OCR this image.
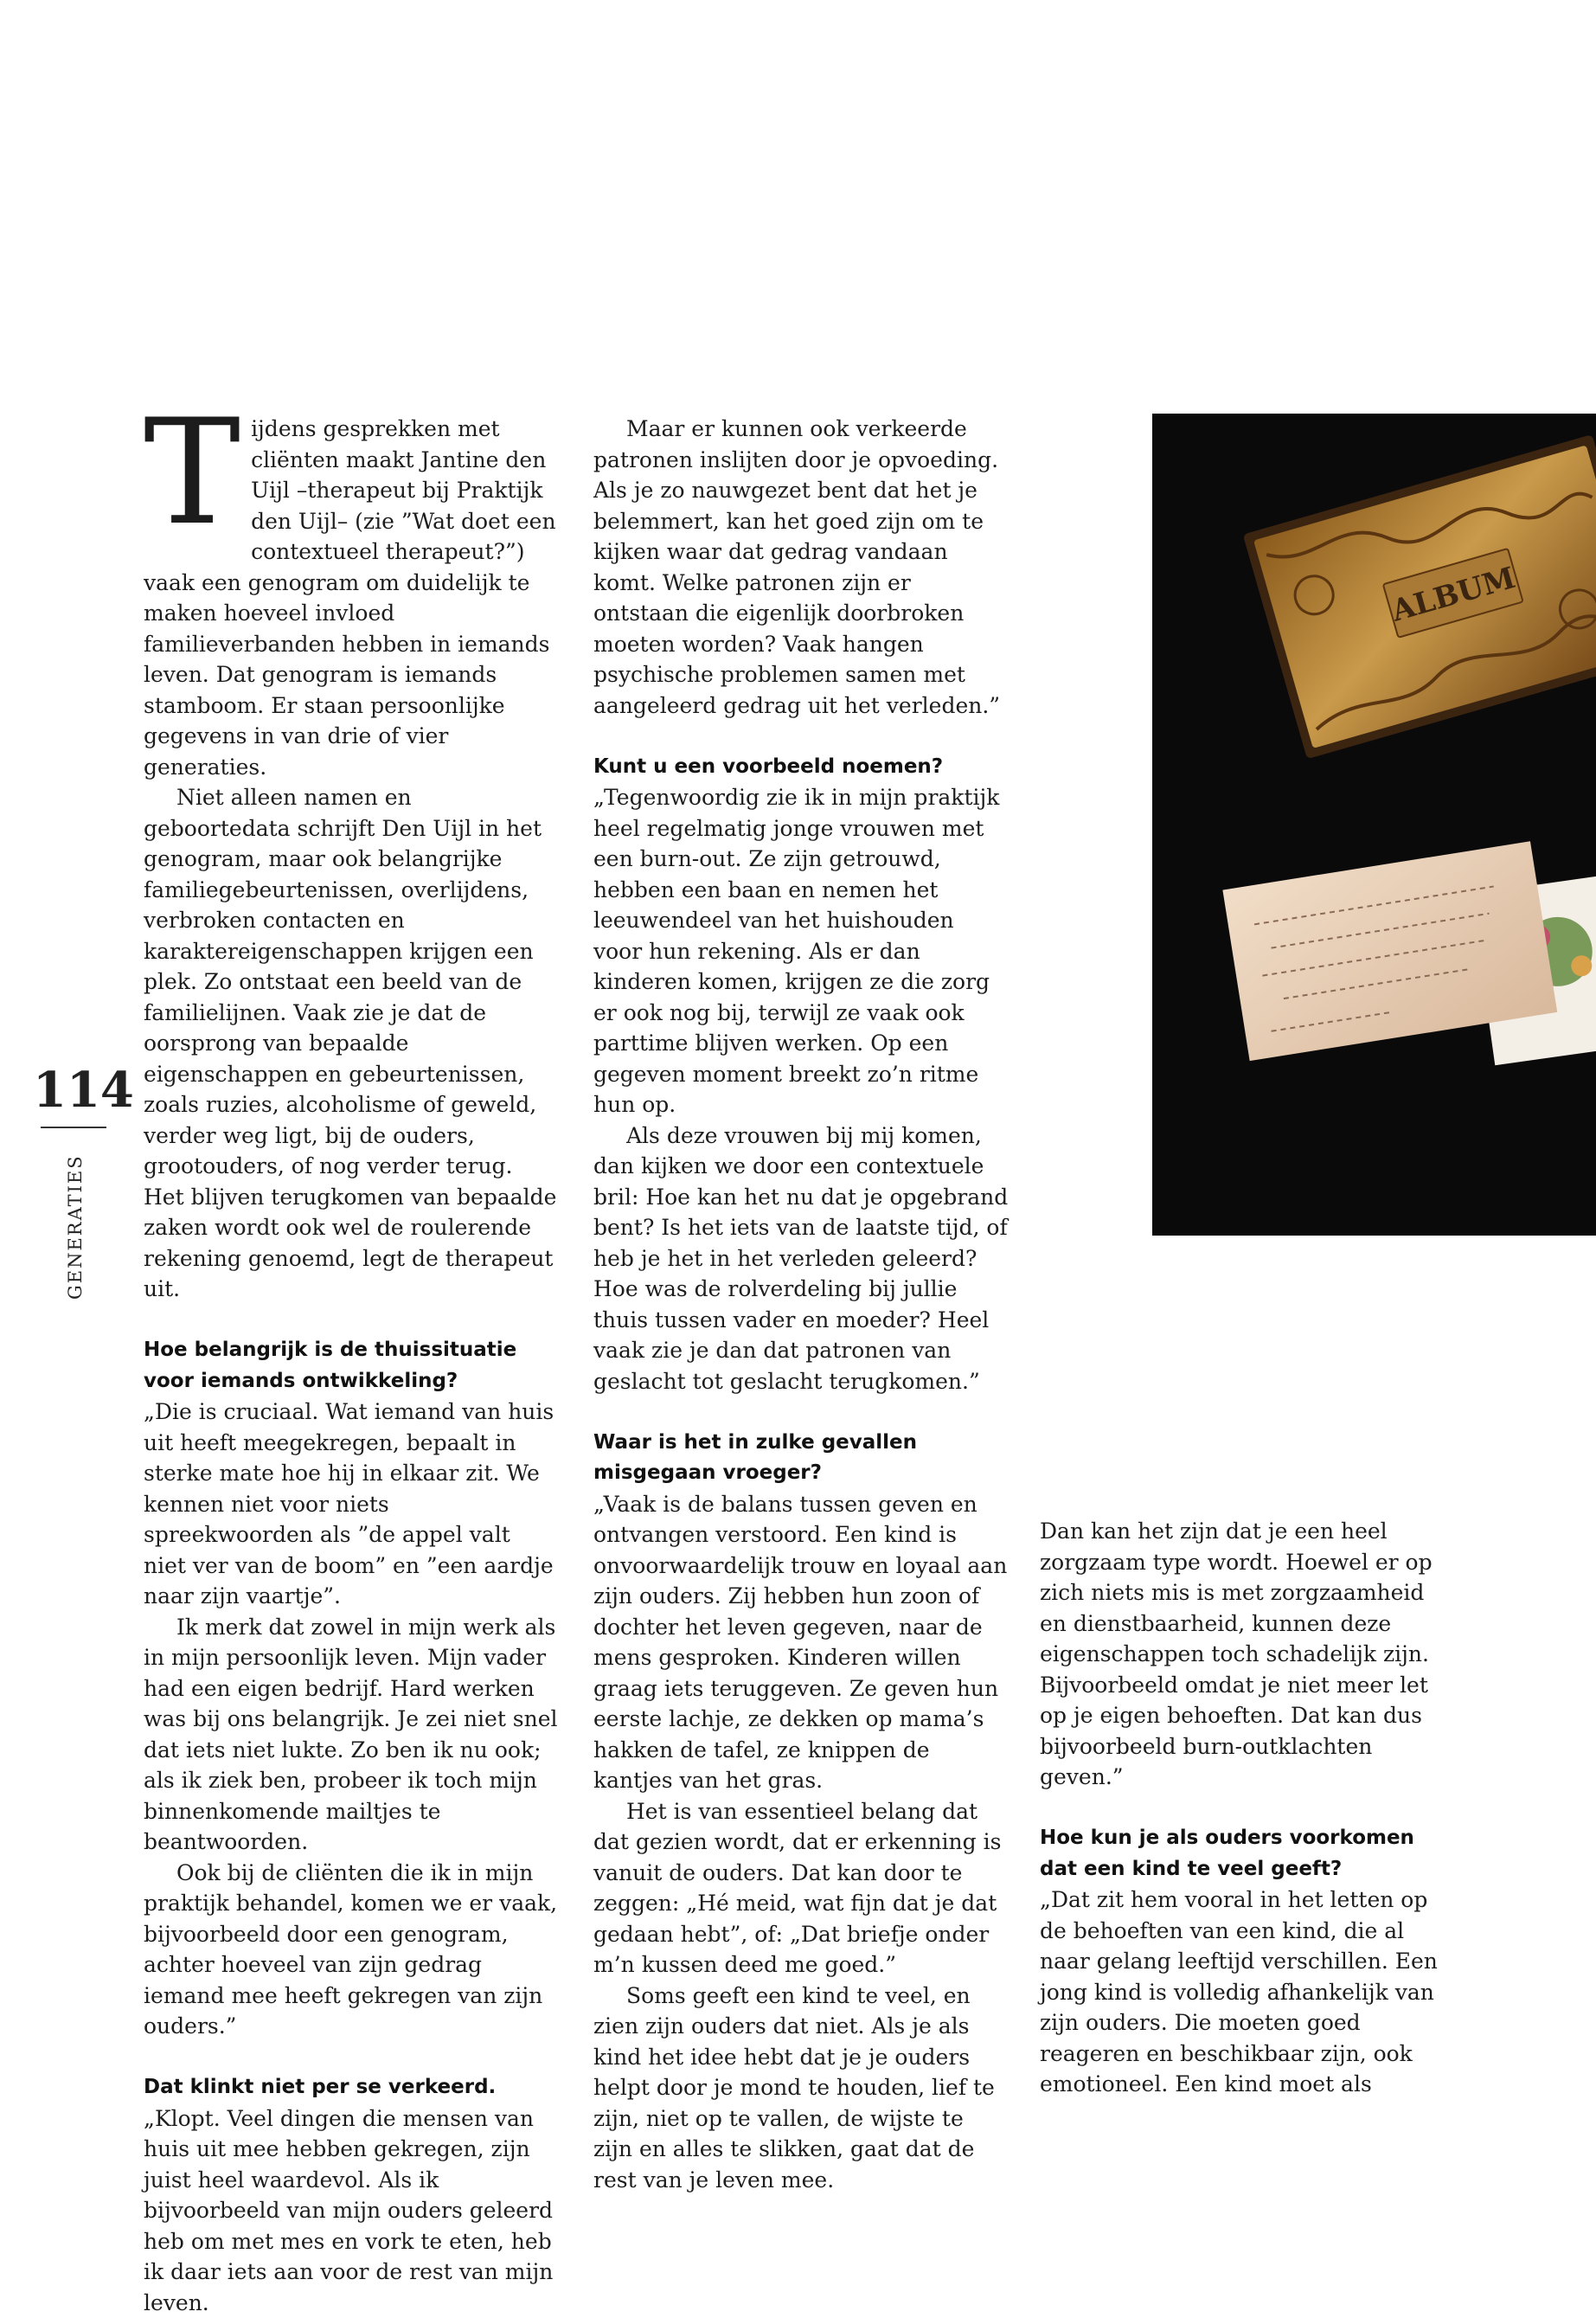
114
GENERATIES

Tijdens gesprekken met cliënten maakt Jantine den Uijl –therapeut bij Praktijk den Uijl– (zie ”Wat doet een contextueel therapeut?”) vaak een genogram om duidelijk te maken hoeveel invloed familieverbanden hebben in iemands leven. Dat genogram is iemands stamboom. Er staan persoonlijke gegevens in van drie of vier generaties.

Niet alleen namen en geboortedata schrijft Den Uijl in het genogram, maar ook belangrijke familiegebeurtenissen, overlijdens, verbroken contacten en karaktereigenschappen krijgen een plek. Zo ontstaat een beeld van de familielijnen. Vaak zie je dat de oorsprong van bepaalde eigenschappen en gebeurtenissen, zoals ruzies, alcoholisme of geweld, verder weg ligt, bij de ouders, grootouders, of nog verder terug. Het blijven terugkomen van bepaalde zaken wordt ook wel de roulerende rekening genoemd, legt de therapeut uit.

Hoe belangrijk is de thuissituatie voor iemands ontwikkeling?

„Die is cruciaal. Wat iemand van huis uit heeft meegekregen, bepaalt in sterke mate hoe hij in elkaar zit. We kennen niet voor niets spreekwoorden als ”de appel valt niet ver van de boom” en ”een aardje naar zijn vaartje”.

Ik merk dat zowel in mijn werk als in mijn persoonlijk leven. Mijn vader had een eigen bedrijf. Hard werken was bij ons belangrijk. Je zei niet snel dat iets niet lukte. Zo ben ik nu ook; als ik ziek ben, probeer ik toch mijn binnenkomende mailtjes te beantwoorden.

Ook bij de cliënten die ik in mijn praktijk behandel, komen we er vaak, bijvoorbeeld door een genogram, achter hoeveel van zijn gedrag iemand mee heeft gekregen van zijn ouders.”

Dat klinkt niet per se verkeerd.

„Klopt. Veel dingen die mensen van huis uit mee hebben gekregen, zijn juist heel waardevol. Als ik bijvoorbeeld van mijn ouders geleerd heb om met mes en vork te eten, heb ik daar iets aan voor de rest van mijn leven.

Maar er kunnen ook verkeerde patronen inslijten door je opvoeding. Als je zo nauwgezet bent dat het je belemmert, kan het goed zijn om te kijken waar dat gedrag vandaan komt. Welke patronen zijn er ontstaan die eigenlijk doorbroken moeten worden? Vaak hangen psychische problemen samen met aangeleerd gedrag uit het verleden.”

Kunt u een voorbeeld noemen?

„Tegenwoordig zie ik in mijn praktijk heel regelmatig jonge vrouwen met een burn-out. Ze zijn getrouwd, hebben een baan en nemen het leeuwendeel van het huishouden voor hun rekening. Als er dan kinderen komen, krijgen ze die zorg er ook nog bij, terwijl ze vaak ook parttime blijven werken. Op een gegeven moment breekt zo’n ritme hun op.

Als deze vrouwen bij mij komen, dan kijken we door een contextuele bril: Hoe kan het nu dat je opgebrand bent? Is het iets van de laatste tijd, of heb je het in het verleden geleerd? Hoe was de rolverdeling bij jullie thuis tussen vader en moeder? Heel vaak zie je dan dat patronen van geslacht tot geslacht terugkomen.”

Waar is het in zulke gevallen misgegaan vroeger?

„Vaak is de balans tussen geven en ontvangen verstoord. Een kind is onvoorwaardelijk trouw en loyaal aan zijn ouders. Zij hebben hun zoon of dochter het leven gegeven, naar de mens gesproken. Kinderen willen graag iets teruggeven. Ze geven hun eerste lachje, ze dekken op mama’s hakken de tafel, ze knippen de kantjes van het gras.

Het is van essentieel belang dat dat gezien wordt, dat er erkenning is vanuit de ouders. Dat kan door te zeggen: „Hé meid, wat fijn dat je dat gedaan hebt”, of: „Dat briefje onder m’n kussen deed me goed.”

Soms geeft een kind te veel, en zien zijn ouders dat niet. Als je als kind het idee hebt dat je je ouders helpt door je mond te houden, lief te zijn, niet op te vallen, de wijste te zijn en alles te slikken, gaat dat de rest van je leven mee.

Dan kan het zijn dat je een heel zorgzaam type wordt. Hoewel er op zich niets mis is met zorgzaamheid en dienstbaarheid, kunnen deze eigenschappen toch schadelijk zijn. Bijvoorbeeld omdat je niet meer let op je eigen behoeften. Dat kan dus bijvoorbeeld burn-outklachten geven.”

Hoe kun je als ouders voorkomen dat een kind te veel geeft?

„Dat zit hem vooral in het letten op de behoeften van een kind, die al naar gelang leeftijd verschillen. Een jong kind is volledig afhankelijk van zijn ouders. Die moeten goed reageren en beschikbaar zijn, ook emotioneel. Een kind moet als

ALBUM
